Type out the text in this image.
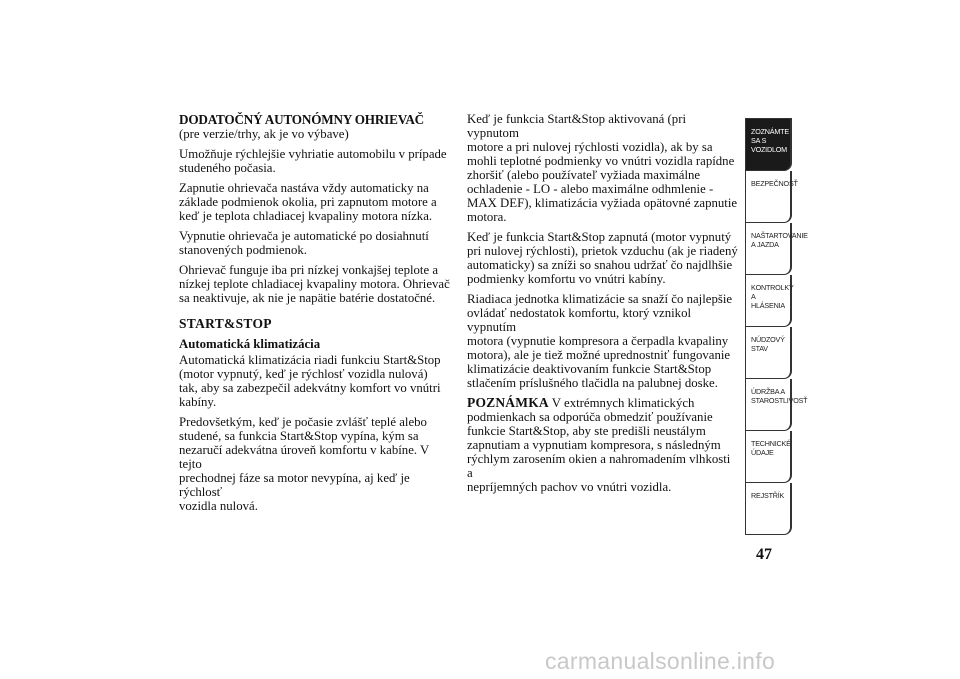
DODATOČNÝ AUTONÓMNY OHRIEVAČ

(pre verzie/trhy, ak je vo výbave)

Umožňuje rýchlejšie vyhriatie automobilu v prípade
studeného počasia.

Zapnutie ohrievača nastáva vždy automaticky na
základe podmienok okolia, pri zapnutom motore a
keď je teplota chladiacej kvapaliny motora nízka.

Vypnutie ohrievača je automatické po dosiahnutí
stanovených podmienok.

Ohrievač funguje iba pri nízkej vonkajšej teplote a
nízkej teplote chladiacej kvapaliny motora. Ohrievač
sa neaktivuje, ak nie je napätie batérie dostatočné.

START&STOP
Automatická klimatizácia

Automatická klimatizácia riadi funkciu Start&Stop
(motor vypnutý, keď je rýchlosť vozidla nulová)
tak, aby sa zabezpečil adekvátny komfort vo vnútri
kabíny.

Predovšetkým, keď je počasie zvlášť teplé alebo
studené, sa funkcia Start&Stop vypína, kým sa
nezaručí adekvátna úroveň komfortu v kabíne. V tejto
prechodnej fáze sa motor nevypína, aj keď je rýchlosť
vozidla nulová.

Keď je funkcia Start&Stop aktivovaná (pri vypnutom
motore a pri nulovej rýchlosti vozidla), ak by sa
mohli teplotné podmienky vo vnútri vozidla rapídne
zhoršiť (alebo používateľ vyžiada maximálne
ochladenie - LO - alebo maximálne odhmlenie -
MAX DEF), klimatizácia vyžiada opätovné zapnutie
motora.

Keď je funkcia Start&Stop zapnutá (motor vypnutý
pri nulovej rýchlosti), prietok vzduchu (ak je riadený
automaticky) sa zníži so snahou udržať čo najdlhšie
podmienky komfortu vo vnútri kabíny.

Riadiaca jednotka klimatizácie sa snaží čo najlepšie
ovládať nedostatok komfortu, ktorý vznikol vypnutím
motora (vypnutie kompresora a čerpadla kvapaliny
motora), ale je tiež možné uprednostniť fungovanie
klimatizácie deaktivovaním funkcie Start&Stop
stlačením príslušného tlačidla na palubnej doske.

POZNÁMKA V extrémnych klimatických
podmienkach sa odporúča obmedziť používanie
funkcie Start&Stop, aby ste predišli neustálym
zapnutiam a vypnutiam kompresora, s následným
rýchlym zarosením okien a nahromadením vlhkosti a
nepríjemných pachov vo vnútri vozidla.

ZOZNÁMTE SA S
VOZIDLOM
BEZPEČNOSŤ
NAŠTARTOVANIE
A JAZDA
KONTROLKY A
HLÁSENIA
NÚDZOVÝ STAV
ÚDRŽBA A
STAROSTLIVOSŤ
TECHNICKÉ
ÚDAJE
REJSTŘÍK
47
carmanualsonline.info
